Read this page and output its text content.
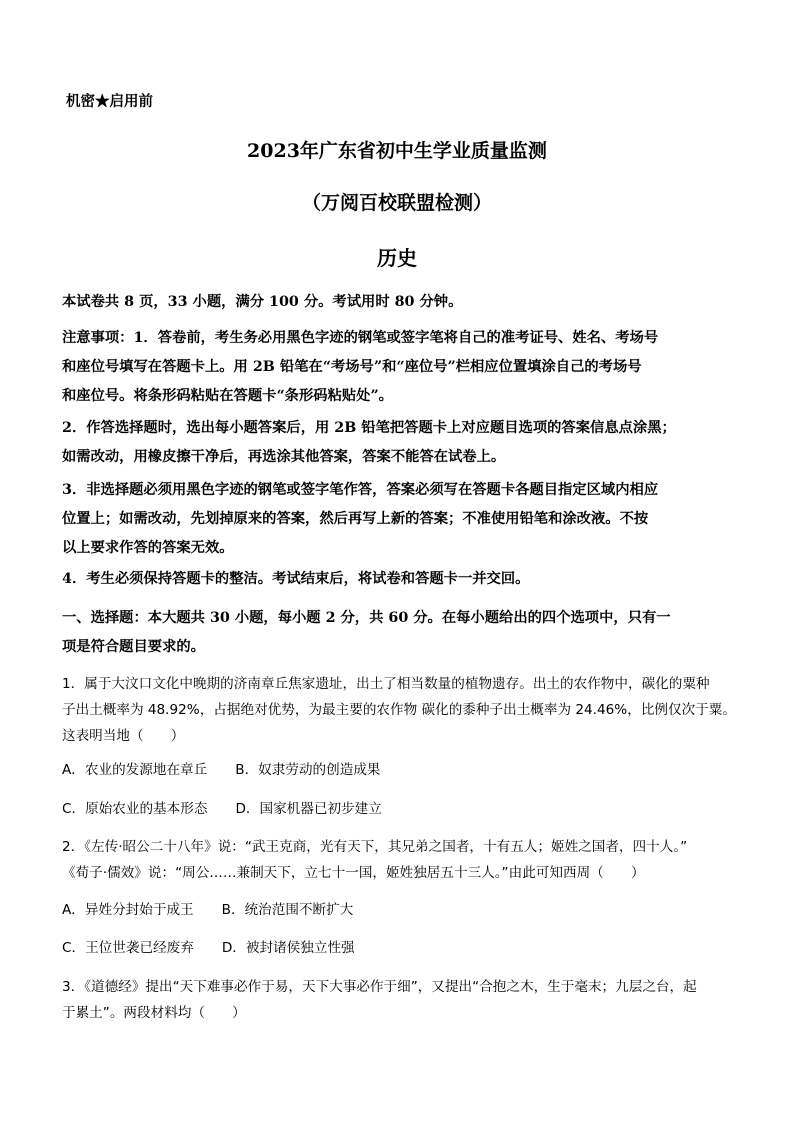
机密★启用前
2023年广东省初中生学业质量监测
（万阅百校联盟检测）
历史
本试卷共 8 页，33 小题，满分 100 分。考试用时 80 分钟。
注意事项：1．答卷前，考生务必用黑色字迹的钢笔或签字笔将自己的准考证号、姓名、考场号
和座位号填写在答题卡上。用 2B 铅笔在“考场号”和“座位号”栏相应位置填涂自己的考场号
和座位号。将条形码粘贴在答题卡“条形码粘贴处”。
2．作答选择题时，选出每小题答案后，用 2B 铅笔把答题卡上对应题目选项的答案信息点涂黑；
如需改动，用橡皮擦干净后，再选涂其他答案，答案不能答在试卷上。
3．非选择题必须用黑色字迹的钢笔或签字笔作答，答案必须写在答题卡各题目指定区域内相应
位置上；如需改动，先划掉原来的答案，然后再写上新的答案；不准使用铅笔和涂改液。不按
以上要求作答的答案无效。
4．考生必须保持答题卡的整洁。考试结束后，将试卷和答题卡一并交回。
一、选择题：本大题共 30 小题，每小题 2 分，共 60 分。在每小题给出的四个选项中，只有一
项是符合题目要求的。
1．属于大汶口文化中晚期的济南章丘焦家遗址，出土了相当数量的植物遗存。出土的农作物中，碳化的粟种
子出土概率为 48.92%，占据绝对优势，为最主要的农作物 碳化的黍种子出土概率为 24.46%，比例仅次于粟。
这表明当地（　　）
A．农业的发源地在章丘 B．奴隶劳动的创造成果
C．原始农业的基本形态 D．国家机器已初步建立
2．《左传·昭公二十八年》说：“武王克商，光有天下，其兄弟之国者，十有五人；姬姓之国者，四十人。”
《荀子·儒效》说：“周公……兼制天下，立七十一国，姬姓独居五十三人。”由此可知西周（　　）
A．异姓分封始于成王 B．统治范围不断扩大
C．王位世袭已经废弃 D．被封诸侯独立性强
3．《道德经》提出“天下难事必作于易，天下大事必作于细”，又提出“合抱之木，生于毫末；九层之台，起
于累土”。两段材料均（　　）
